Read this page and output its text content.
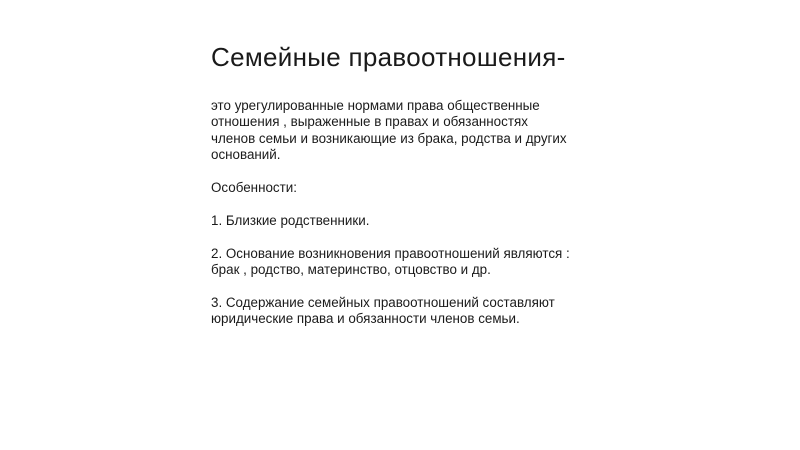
Семейные правоотношения-

это урегулированные нормами права общественные

отношения , выраженные в правах и обязанностях

членов семьи и возникающие из брака, родства и других

оснований.

Особенности:

1. Близкие родственники.

2. Основание возникновения правоотношений являются :

брак , родство, материнство, отцовство и др.

3. Содержание семейных правоотношений составляют

юридические права и обязанности членов семьи.
